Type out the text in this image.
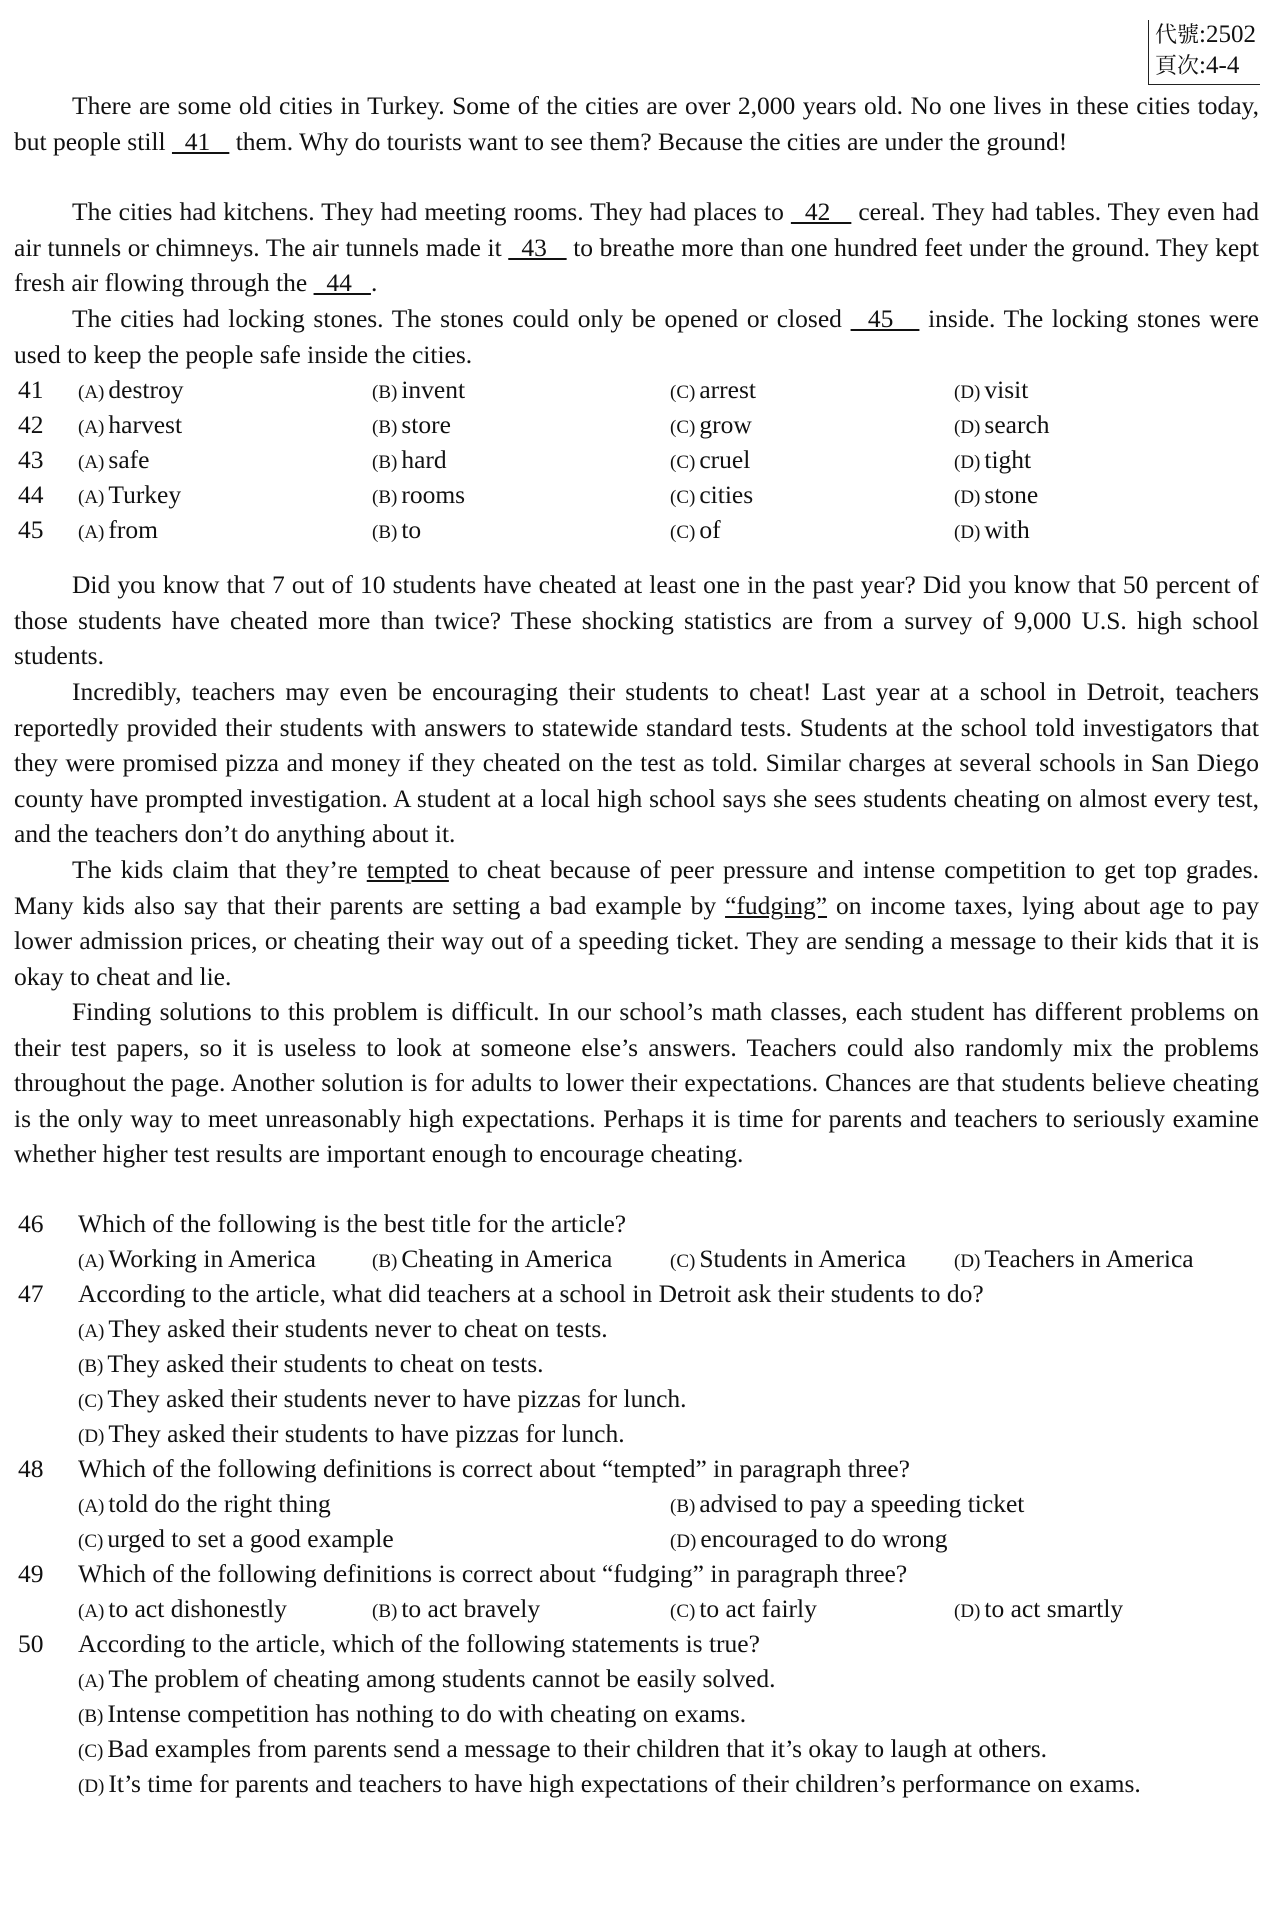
代號:2502
頁次:4-4

There are some old cities in Turkey. Some of the cities are over 2,000 years old. No one lives in these cities today, but people still   41    them. Why do tourists want to see them? Because the cities are under the ground!

The cities had kitchens. They had meeting rooms. They had places to   42    cereal. They had tables. They even had air tunnels or chimneys. The air tunnels made it   43    to breathe more than one hundred feet under the ground. They kept fresh air flowing through the   44   .

The cities had locking stones. The stones could only be opened or closed   45    inside. The locking stones were used to keep the people safe inside the cities.

41 (A) destroy	(B) invent	(C) arrest	(D) visit
42 (A) harvest	(B) store	(C) grow	(D) search
43 (A) safe	(B) hard	(C) cruel	(D) tight
44 (A) Turkey	(B) rooms	(C) cities	(D) stone
45 (A) from	(B) to	(C) of	(D) with

Did you know that 7 out of 10 students have cheated at least one in the past year? Did you know that 50 percent of those students have cheated more than twice? These shocking statistics are from a survey of 9,000 U.S. high school students.

Incredibly, teachers may even be encouraging their students to cheat! Last year at a school in Detroit, teachers reportedly provided their students with answers to statewide standard tests. Students at the school told investigators that they were promised pizza and money if they cheated on the test as told. Similar charges at several schools in San Diego county have prompted investigation. A student at a local high school says she sees students cheating on almost every test, and the teachers don’t do anything about it.

The kids claim that they’re tempted to cheat because of peer pressure and intense competition to get top grades. Many kids also say that their parents are setting a bad example by “fudging” on income taxes, lying about age to pay lower admission prices, or cheating their way out of a speeding ticket. They are sending a message to their kids that it is okay to cheat and lie.

Finding solutions to this problem is difficult. In our school’s math classes, each student has different problems on their test papers, so it is useless to look at someone else’s answers. Teachers could also randomly mix the problems throughout the page. Another solution is for adults to lower their expectations. Chances are that students believe cheating is the only way to meet unreasonably high expectations. Perhaps it is time for parents and teachers to seriously examine whether higher test results are important enough to encourage cheating.

46 Which of the following is the best title for the article?
(A) Working in America	(B) Cheating in America	(C) Students in America	(D) Teachers in America
47 According to the article, what did teachers at a school in Detroit ask their students to do?
(A) They asked their students never to cheat on tests.
(B) They asked their students to cheat on tests.
(C) They asked their students never to have pizzas for lunch.
(D) They asked their students to have pizzas for lunch.
48 Which of the following definitions is correct about “tempted” in paragraph three?
(A) told do the right thing	(B) advised to pay a speeding ticket
(C) urged to set a good example	(D) encouraged to do wrong
49 Which of the following definitions is correct about “fudging” in paragraph three?
(A) to act dishonestly	(B) to act bravely	(C) to act fairly	(D) to act smartly
50 According to the article, which of the following statements is true?
(A) The problem of cheating among students cannot be easily solved.
(B) Intense competition has nothing to do with cheating on exams.
(C) Bad examples from parents send a message to their children that it’s okay to laugh at others.
(D) It’s time for parents and teachers to have high expectations of their children’s performance on exams.
